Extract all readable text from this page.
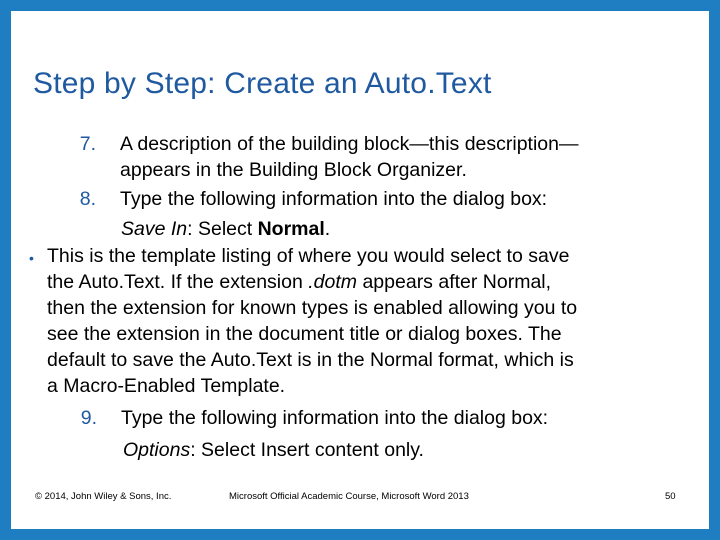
Step by Step: Create an Auto.Text
7. A description of the building block—this description—
appears in the Building Block Organizer.
8. Type the following information into the dialog box:
Save In: Select Normal.
• This is the template listing of where you would select to save
the Auto.Text. If the extension .dotm appears after Normal,
then the extension for known types is enabled allowing you to
see the extension in the document title or dialog boxes. The
default to save the Auto.Text is in the Normal format, which is
a Macro-Enabled Template.
9. Type the following information into the dialog box:
Options: Select Insert content only.
© 2014, John Wiley & Sons, Inc.	Microsoft Official Academic Course, Microsoft Word 2013	50
